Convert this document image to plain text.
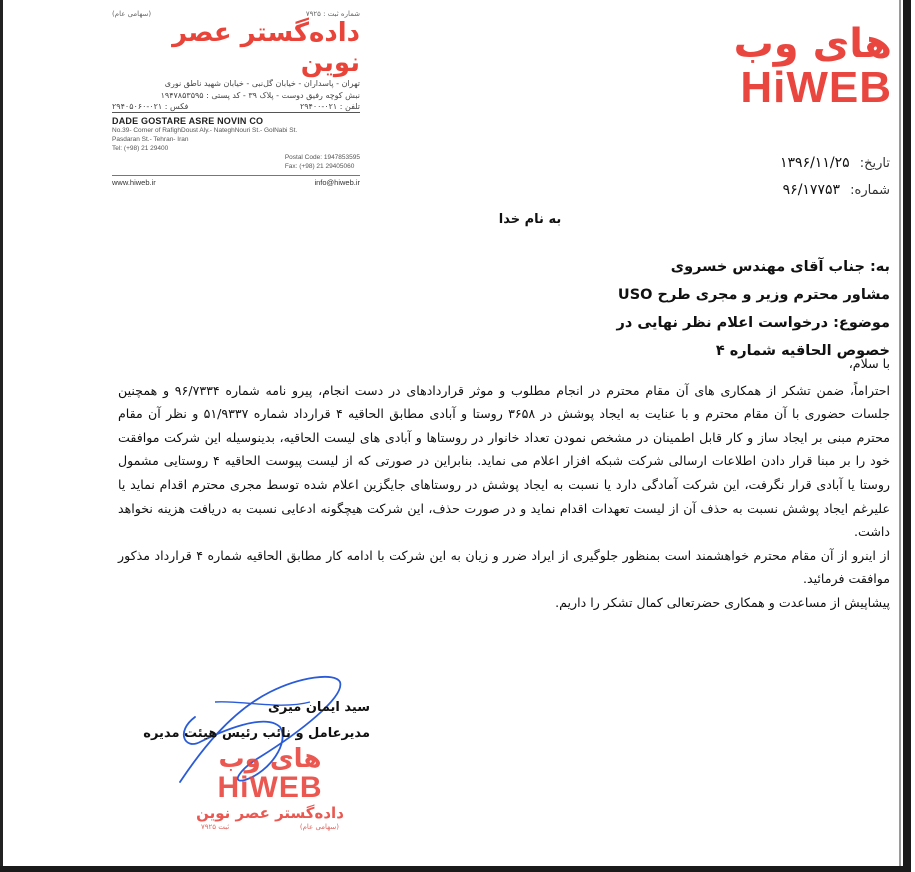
شماره ثبت : ۷۹۲۵
(سهامی عام)
داده‌گستر عصر نوین
تهران - پاسداران - خیابان گل‌نبی - خیابان شهید ناطق نوری
نبش کوچه رفیق دوست - پلاک ۳۹ - کد پستی : ۱۹۴۷۸۵۳۵۹۵
تلفن : ۰۲۱-۲۹۴۰۰
فکس : ۰۲۱-۲۹۴۰۵۰۶۰
DADE GOSTARE ASRE NOVIN CO
No.39- Corner of RafighDoust Aly.- NateghNouri St.- GolNabi St.
Pasdaran St.- Tehran- Iran
Tel: (+98) 21 29400
Postal Code: 1947853595
Fax: (+98) 21 29405060
www.hiweb.ir	info@hiweb.ir
های وب
HiWEB
تاریخ: ۱۳۹۶/۱۱/۲۵
شماره: ۹۶/۱۷۷۵۳
به نام خدا
به: جناب آقای مهندس خسروی
مشاور محترم وزیر و مجری طرح USO
موضوع: درخواست اعلام نظر نهایی در خصوص الحاقیه شماره ۴

با سلام،

احتراماً، ضمن تشکر از همکاری های آن مقام محترم در انجام مطلوب و موثر قراردادهای در دست انجام، پیرو نامه شماره ۹۶/۷۳۳۴ و همچنین جلسات حضوری با آن مقام محترم و با عنایت به ایجاد پوشش در ۳۶۵۸ روستا و آبادی مطابق الحاقیه ۴ قرارداد شماره ۵۱/۹۳۳۷ و نظر آن مقام محترم مبنی بر ایجاد ساز و کار قابل اطمینان در مشخص نمودن تعداد خانوار در روستاها و آبادی های لیست الحاقیه، بدینوسیله این شرکت موافقت خود را بر مبنا قرار دادن اطلاعات ارسالی شرکت شبکه افزار اعلام می نماید. بنابراین در صورتی که از لیست پیوست الحاقیه ۴ روستایی مشمول روستا یا آبادی قرار نگرفت، این شرکت آمادگی دارد یا نسبت به ایجاد پوشش در روستاهای جایگزین اعلام شده توسط مجری محترم اقدام نماید یا علیرغم ایجاد پوشش نسبت به حذف آن از لیست تعهدات اقدام نماید و در صورت حذف، این شرکت هیچگونه ادعایی نسبت به دریافت هزینه نخواهد داشت.

از اینرو از آن مقام محترم خواهشمند است بمنظور جلوگیری از ایراد ضرر و زیان به این شرکت با ادامه کار مطابق الحاقیه شماره ۴ قرارداد مذکور موافقت فرمائید.

پیشاپیش از مساعدت و همکاری حضرتعالی کمال تشکر را داریم.

سید ایمان میری
مدیرعامل و نائب رئیس هیئت مدیره
های وب
HiWEB
داده‌گستر عصر نوین
(سهامی عام)
ثبت ۷۹۲۵
